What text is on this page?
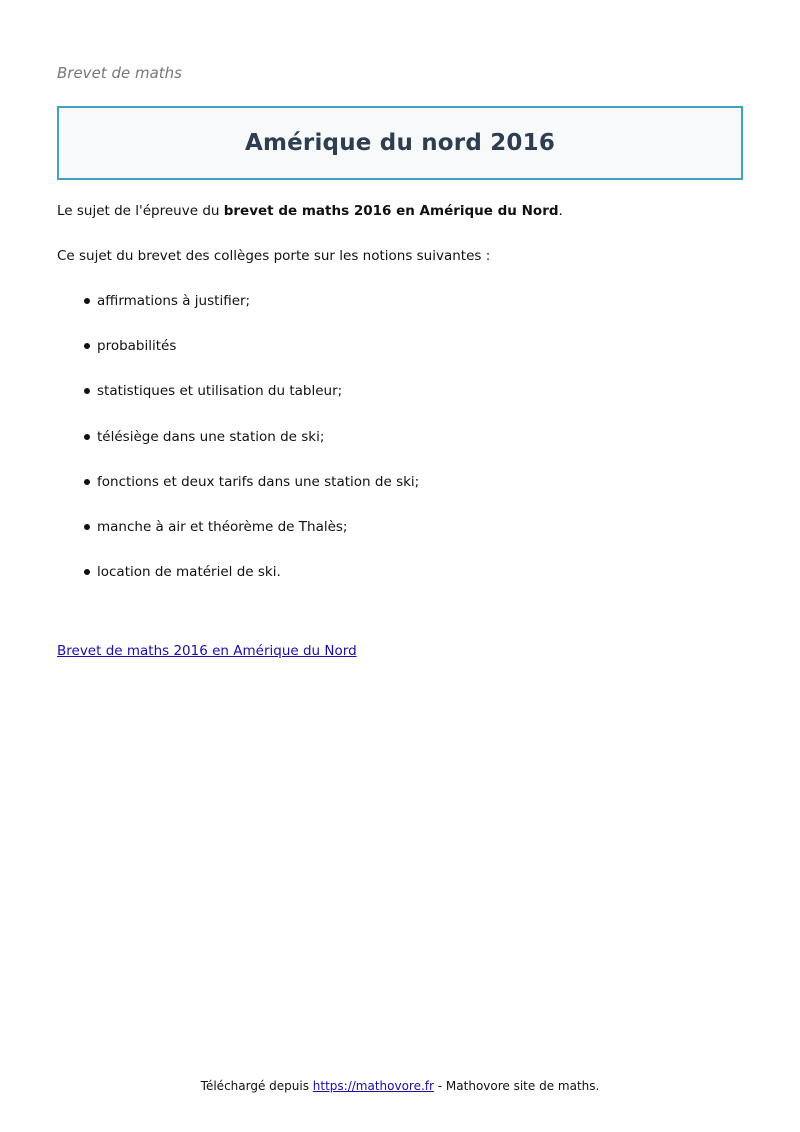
Brevet de maths
Amérique du nord 2016

Le sujet de l'épreuve du brevet de maths 2016 en Amérique du Nord.

Ce sujet du brevet des collèges porte sur les notions suivantes :

affirmations à justifier;
probabilités
statistiques et utilisation du tableur;
télésiège dans une station de ski;
fonctions et deux tarifs dans une station de ski;
manche à air et théorème de Thalès;
location de matériel de ski.
Brevet de maths 2016 en Amérique du Nord
Téléchargé depuis https://mathovore.fr - Mathovore site de maths.
